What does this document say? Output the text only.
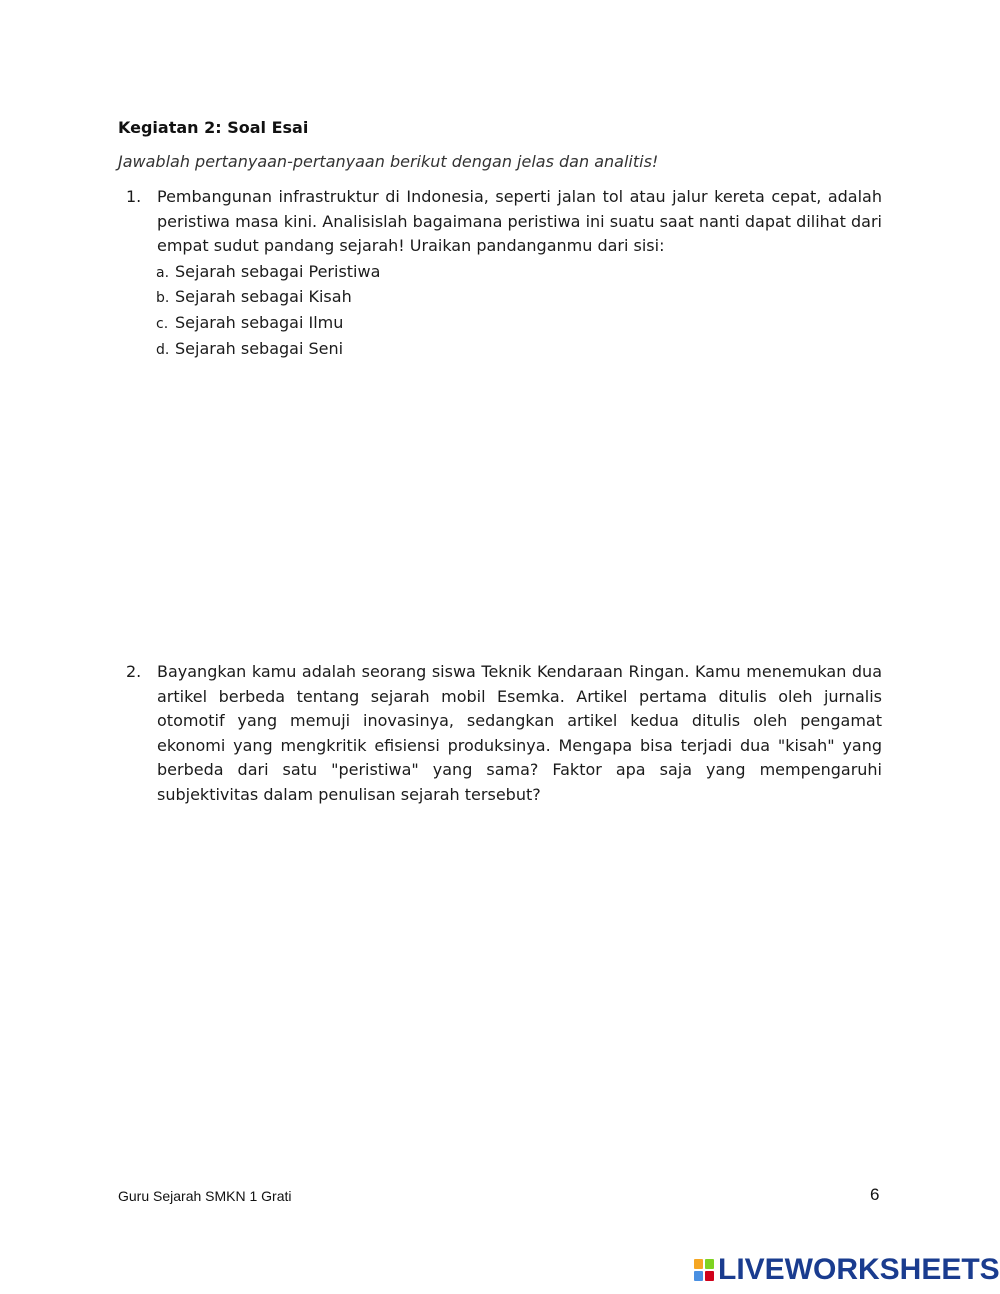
Kegiatan 2: Soal Esai
Jawablah pertanyaan-pertanyaan berikut dengan jelas dan analitis!
1. Pembangunan infrastruktur di Indonesia, seperti jalan tol atau jalur kereta cepat, adalah peristiwa masa kini. Analisislah bagaimana peristiwa ini suatu saat nanti dapat dilihat dari empat sudut pandang sejarah! Uraikan pandanganmu dari sisi:
a. Sejarah sebagai Peristiwa
b. Sejarah sebagai Kisah
c. Sejarah sebagai Ilmu
d. Sejarah sebagai Seni
2. Bayangkan kamu adalah seorang siswa Teknik Kendaraan Ringan. Kamu menemukan dua artikel berbeda tentang sejarah mobil Esemka. Artikel pertama ditulis oleh jurnalis otomotif yang memuji inovasinya, sedangkan artikel kedua ditulis oleh pengamat ekonomi yang mengkritik efisiensi produksinya. Mengapa bisa terjadi dua "kisah" yang berbeda dari satu "peristiwa" yang sama? Faktor apa saja yang mempengaruhi subjektivitas dalam penulisan sejarah tersebut?
Guru Sejarah SMKN 1 Grati	6
LIVEWORKSHEETS
